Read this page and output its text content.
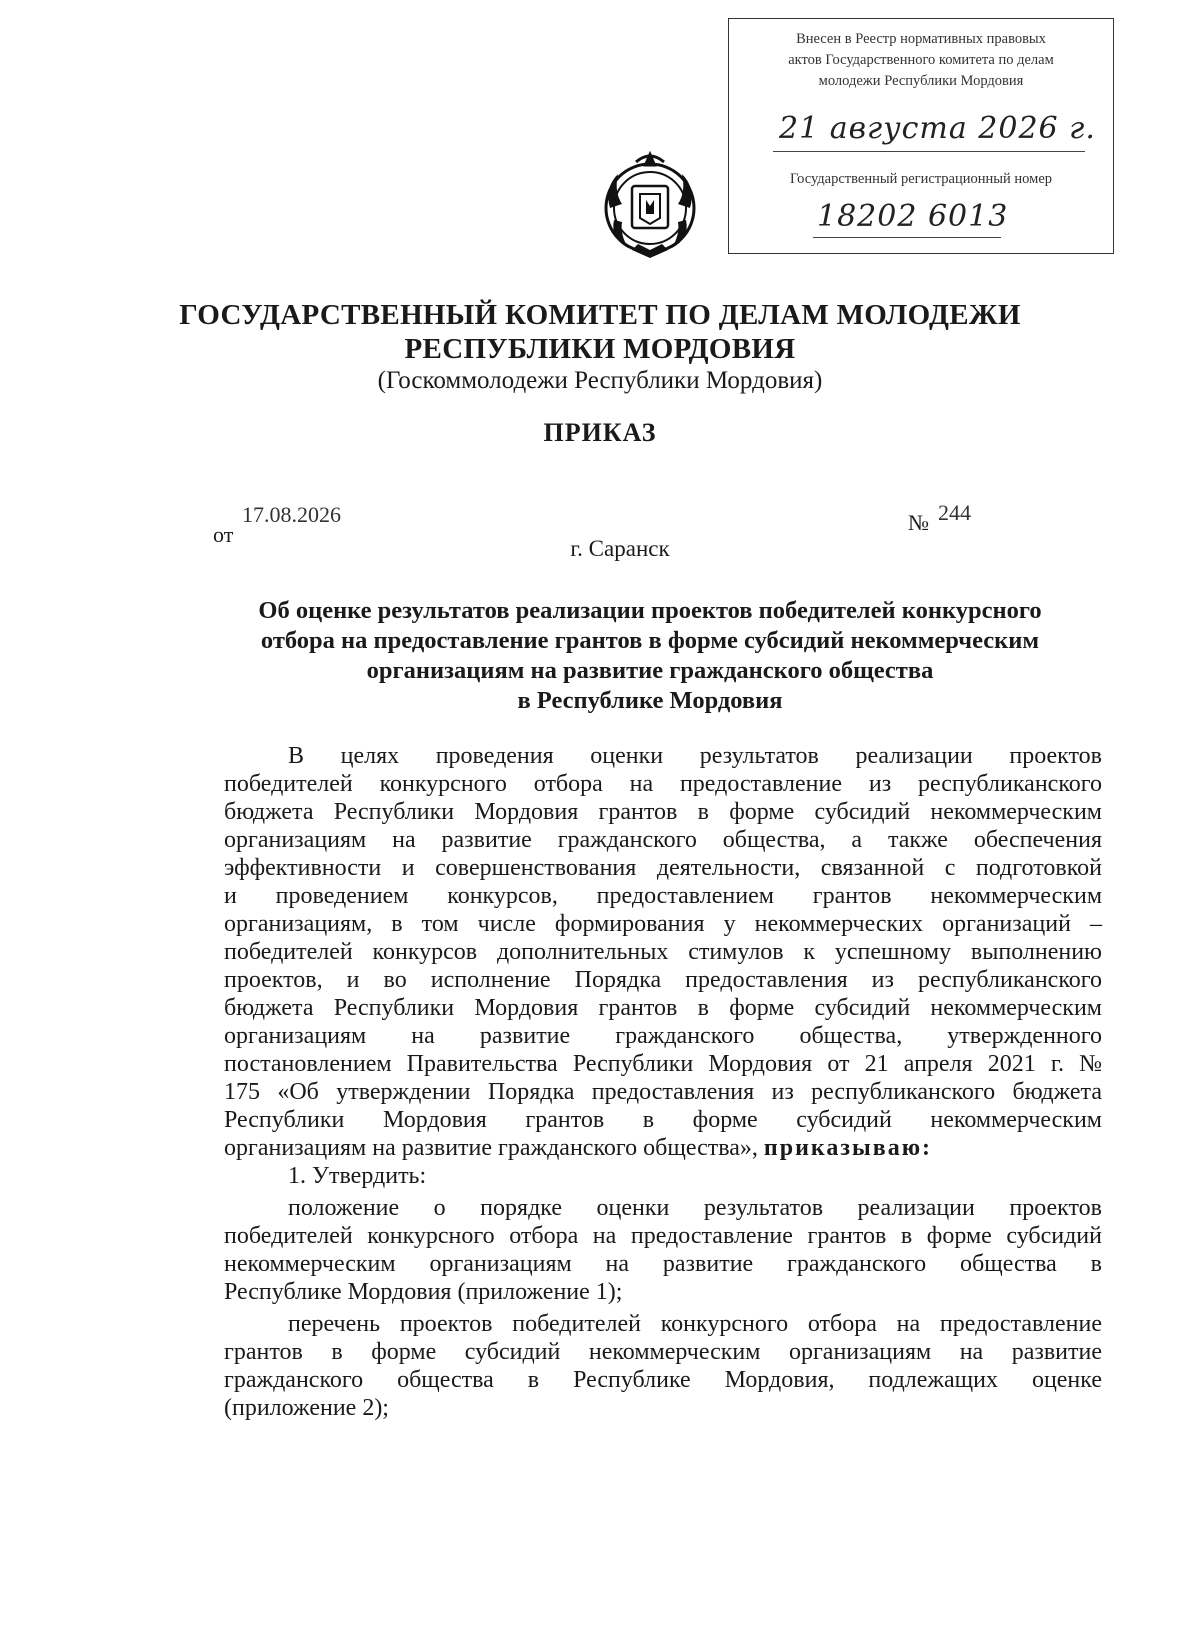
Внесен в Реестр нормативных правовых
актов Государственного комитета по делам
молодежи Республики Мордовия
21 августа 2026 г.
Государственный регистрационный номер
18202 6013
ГОСУДАРСТВЕННЫЙ КОМИТЕТ ПО ДЕЛАМ МОЛОДЕЖИ
РЕСПУБЛИКИ МОРДОВИЯ
(Госкоммолодежи Республики Мордовия)
ПРИКАЗ
от
17.08.2026	№ 244
г. Саранск
Об оценке результатов реализации проектов победителей конкурсного
отбора на предоставление грантов в форме субсидий некоммерческим
организациям на развитие гражданского общества
в Республике Мордовия
В целях проведения оценки результатов реализации проектов
победителей конкурсного отбора на предоставление из республиканского
бюджета Республики Мордовия грантов в форме субсидий некоммерческим
организациям на развитие гражданского общества, а также обеспечения
эффективности и совершенствования деятельности, связанной с подготовкой
и проведением конкурсов, предоставлением грантов некоммерческим
организациям, в том числе формирования у некоммерческих организаций –
победителей конкурсов дополнительных стимулов к успешному выполнению
проектов, и во исполнение Порядка предоставления из республиканского
бюджета Республики Мордовия грантов в форме субсидий некоммерческим
организациям на развитие гражданского общества, утвержденного
постановлением Правительства Республики Мордовия от 21 апреля 2021 г. №
175 «Об утверждении Порядка предоставления из республиканского бюджета
Республики Мордовия грантов в форме субсидий некоммерческим
организациям на развитие гражданского общества», приказываю:
1. Утвердить:
положение о порядке оценки результатов реализации проектов
победителей конкурсного отбора на предоставление грантов в форме субсидий
некоммерческим организациям на развитие гражданского общества в
Республике Мордовия (приложение 1);
перечень проектов победителей конкурсного отбора на предоставление
грантов в форме субсидий некоммерческим организациям на развитие
гражданского общества в Республике Мордовия, подлежащих оценке
(приложение 2);
